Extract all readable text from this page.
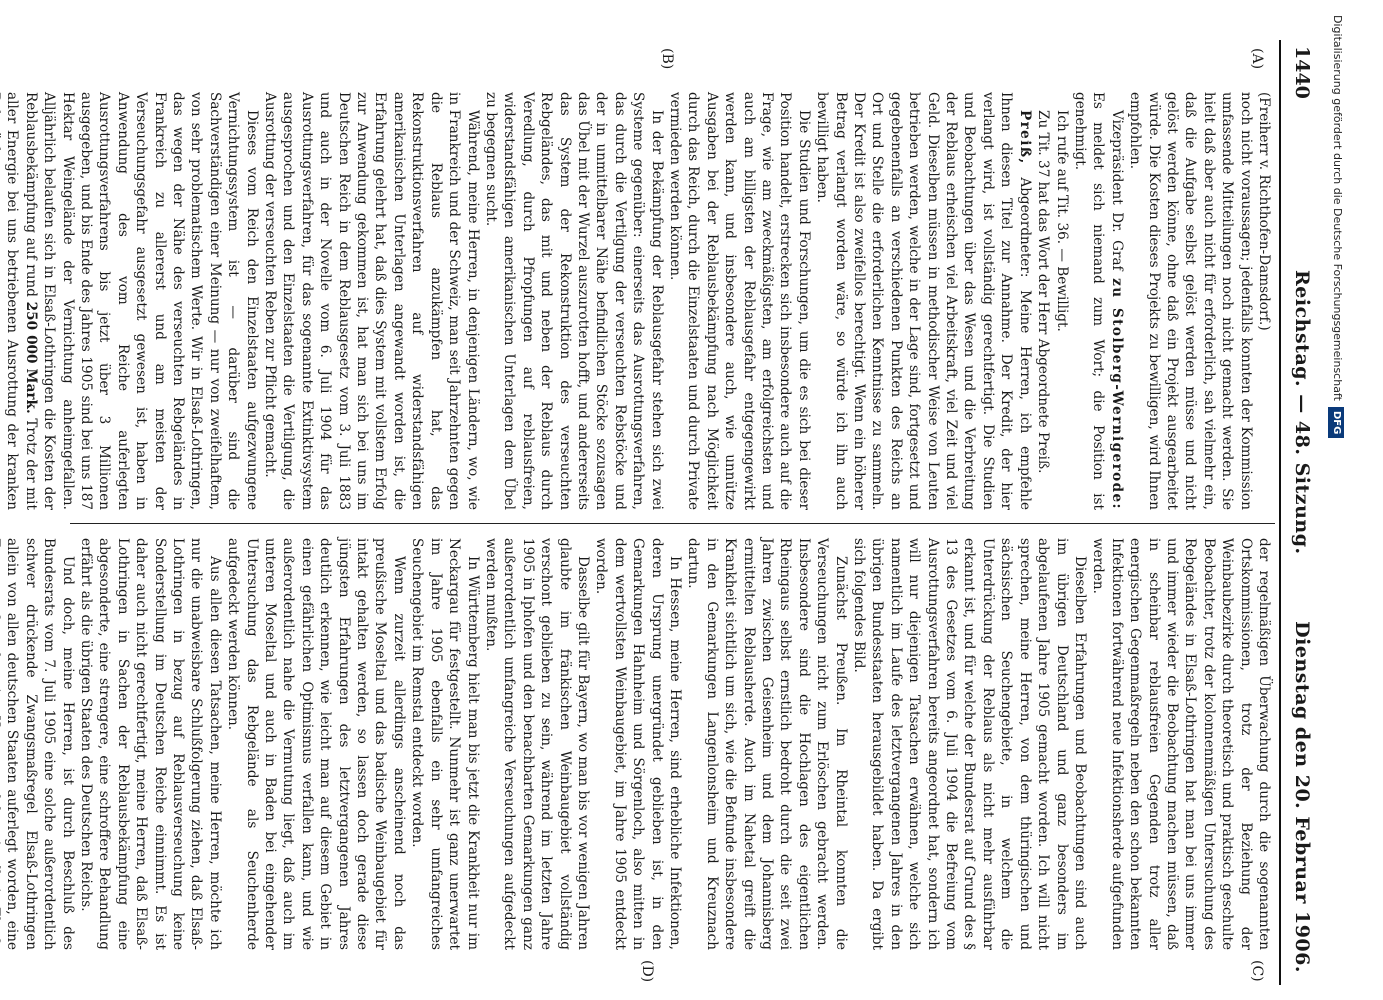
1440
Reichstag. — 48. Sitzung.
Dienstag den 20. Februar 1906.
(A)
(B)
(C)
(D)

(Freiherr v. Richthofen-Damsdorf.)

noch nicht voraussagen; jedenfalls konnten der Kommission umfassende Mitteilungen noch nicht gemacht werden. Sie hielt daß aber auch nicht für erforderlich, sah vielmehr ein, daß die Aufgabe selbst gelöst werden müsse und nicht gelöst werden könne, ohne daß ein Projekt ausgearbeitet würde. Die Kosten dieses Projekts zu bewilligen, wird Ihnen empfohlen.

Vizepräsident Dr. Graf zu Stolberg-Wernigerode: Es meldet sich niemand zum Wort; die Position ist genehmigt.

Ich rufe auf Tit. 36. — Bewilligt.

Zu Tit. 37 hat das Wort der Herr Abgeordnete Preiß.

Preiß, Abgeordneter: Meine Herren, ich empfehle Ihnen diesen Titel zur Annahme. Der Kredit, der hier verlangt wird, ist vollständig gerechtfertigt. Die Studien und Beobachtungen über das Wesen und die Verbreitung der Reblaus erheischen viel Arbeitskraft, viel Zeit und viel Geld. Dieselben müssen in methodischer Weise von Leuten betrieben werden, welche in der Lage sind, fortgesetzt und gegebenenfalls an verschiedenen Punkten des Reichs an Ort und Stelle die erforderlichen Kenntnisse zu sammeln. Der Kredit ist also zweifellos berechtigt. Wenn ein höherer Betrag verlangt worden wäre, so würde ich ihn auch bewilligt haben.

Die Studien und Forschungen, um die es sich bei dieser Position handelt, erstrecken sich insbesondere auch auf die Frage, wie am zweckmäßigsten, am erfolgreichsten und auch am billigsten der Reblausgefahr entgegengewirkt werden kann, und insbesondere auch, wie unnütze Ausgaben bei der Reblausbekämpfung nach Möglichkeit durch das Reich, durch die Einzelstaaten und durch Private vermieden werden können.

In der Bekämpfung der Reblausgefahr stehen sich zwei Systeme gegenüber: einerseits das Ausrottungsverfahren, das durch die Vertilgung der verseuchten Rebstöcke und der in unmittelbarer Nähe befindlichen Stöcke sozusagen das Übel mit der Wurzel auszurotten hofft, und andererseits das System der Rekonstruktion des verseuchten Rebgeländes, das mit und neben der Reblaus durch Veredlung, durch Pfropfungen auf reblausfreien, widerstandsfähigen amerikanischen Unterlagen dem Übel zu begegnen sucht.

Während, meine Herren, in denjenigen Ländern, wo, wie in Frankreich und der Schweiz, man seit Jahrzehnten gegen die Reblaus anzukämpfen hat, das Rekonstruktionsverfahren auf widerstandsfähigen amerikanischen Unterlagen angewandt worden ist, die Erfahrung gelehrt hat, daß dies System mit vollstem Erfolg zur Anwendung gekommen ist, hat man sich bei uns im Deutschen Reich in dem Reblausgesetz vom 3. Juli 1883 und auch in der Novelle vom 6. Juli 1904 für das Ausrottungsverfahren, für das sogenannte Extinktivsystem ausgesprochen und den Einzelstaaten die Vertilgung, die Ausrottung der verseuchten Reben zur Pflicht gemacht.

Dieses vom Reich den Einzelstaaten aufgezwungene Vernichtungssystem ist — darüber sind die Sachverständigen einer Meinung — nur von zweifelhaftem, von sehr problematischem Werte. Wir in Elsaß-Lothringen, das wegen der Nähe des verseuchten Rebgeländes in Frankreich zu allererst und am meisten der Verseuchungsgefahr ausgesetzt gewesen ist, haben in Anwendung des vom Reiche auferlegten Ausrottungsverfahrens bis jetzt über 3 Millionen ausgegeben, und bis Ende des Jahres 1905 sind bei uns 187 Hektar Weingelände der Vernichtung anheimgefallen. Alljährlich belaufen sich in Elsaß-Lothringen die Kosten der Reblausbekämpfung auf rund 250 000 Mark. Trotz der mit aller Energie bei uns betriebenen Ausrottung der kranken

der regelmäßigen Überwachung durch die sogenannten Ortskommissionen, trotz der Beziehung der Weinbaubezirke durch theoretisch und praktisch geschulte Beobachter, trotz der kolonnenmäßigen Untersuchung des Rebgeländes in Elsaß-Lothringen hat man bei uns immer und immer wieder die Beobachtung machen müssen, daß in scheinbar reblausfreien Gegenden trotz aller energischen Gegenmaßregeln neben den schon bekannten Infektionen fortwährend neue Infektionsherde aufgefunden werden.

Dieselben Erfahrungen und Beobachtungen sind auch im übrigen Deutschland und ganz besonders im abgelaufenen Jahre 1905 gemacht worden. Ich will nicht sprechen, meine Herren, von dem thüringischen und sächsischen Seuchengebiete, in welchem die Unterdrückung der Reblaus als nicht mehr ausführbar erkannt ist, und für welche der Bundesrat auf Grund des § 13 des Gesetzes vom 6. Juli 1904 die Befreiung vom Ausrottungsverfahren bereits angeordnet hat, sondern ich will nur diejenigen Tatsachen erwähnen, welche sich namentlich im Laufe des letztvergangenen Jahres in den übrigen Bundesstaaten herausgebildet haben. Da ergibt sich folgendes Bild.

Zunächst Preußen. Im Rheintal konnten die Verseuchungen nicht zum Erlöschen gebracht werden. Insbesondere sind die Hochlagen des eigentlichen Rheingaus selbst ernstlich bedroht durch die seit zwei Jahren zwischen Geisenheim und dem Johannisberg ermittelten Reblausherde. Auch im Nahetal greift die Krankheit sichtlich um sich, wie die Befunde insbesondere in den Gemarkungen Langenlonsheim und Kreuznach dartun.

In Hessen, meine Herren, sind erhebliche Infektionen, deren Ursprung unergründet geblieben ist, in den Gemarkungen Hahnheim und Sörgenloch, also mitten in dem wertvollsten Weinbaugebiet, im Jahre 1905 entdeckt worden.

Dasselbe gilt für Bayern, wo man bis vor wenigen Jahren glaubte im fränkischen Weinbaugebiet vollständig verschont geblieben zu sein, während im letzten Jahre 1905 in Iphofen und den benachbarten Gemarkungen ganz außerordentlich umfangreiche Verseuchungen aufgedeckt werden mußten.

In Württemberg hielt man bis jetzt die Krankheit nur im Neckargau für festgestellt. Nunmehr ist ganz unerwartet im Jahre 1905 ebenfalls ein sehr umfangreiches Seuchengebiet im Remstal entdeckt worden.

Wenn zurzeit allerdings anscheinend noch das preußische Moseltal und das badische Weinbaugebiet für intakt gehalten werden, so lassen doch gerade diese jüngsten Erfahrungen des letztvergangenen Jahres deutlich erkennen, wie leicht man auf diesem Gebiet in einen gefährlichen Optimismus verfallen kann, und wie außerordentlich nahe die Vermutung liegt, daß auch im unteren Moseltal und auch in Baden bei eingehender Untersuchung das Rebgelände als Seuchenherde aufgedeckt werden können.

Aus allen diesen Tatsachen, meine Herren, möchte ich nur die unabweisbare Schlußfolgerung ziehen, daß Elsaß-Lothringen in bezug auf Reblausverseuchung keine Sonderstellung im Deutschen Reiche einnimmt. Es ist daher auch nicht gerechtfertigt, meine Herren, daß Elsaß-Lothringen in Sachen der Reblausbekämpfung eine abgesonderte, eine strengere, eine schroffere Behandlung erfährt als die übrigen Staaten des Deutschen Reichs.

Und doch, meine Herren, ist durch Beschluß des Bundesrats vom 7. Juli 1905 eine solche außerordentlich schwer drückende Zwangsmaßregel Elsaß-Lothringen allein von allen deutschen Staaten auferlegt worden, eine

Digitalisierung gefördert durch die Deutsche ForschungsgemeinschaftDFG
